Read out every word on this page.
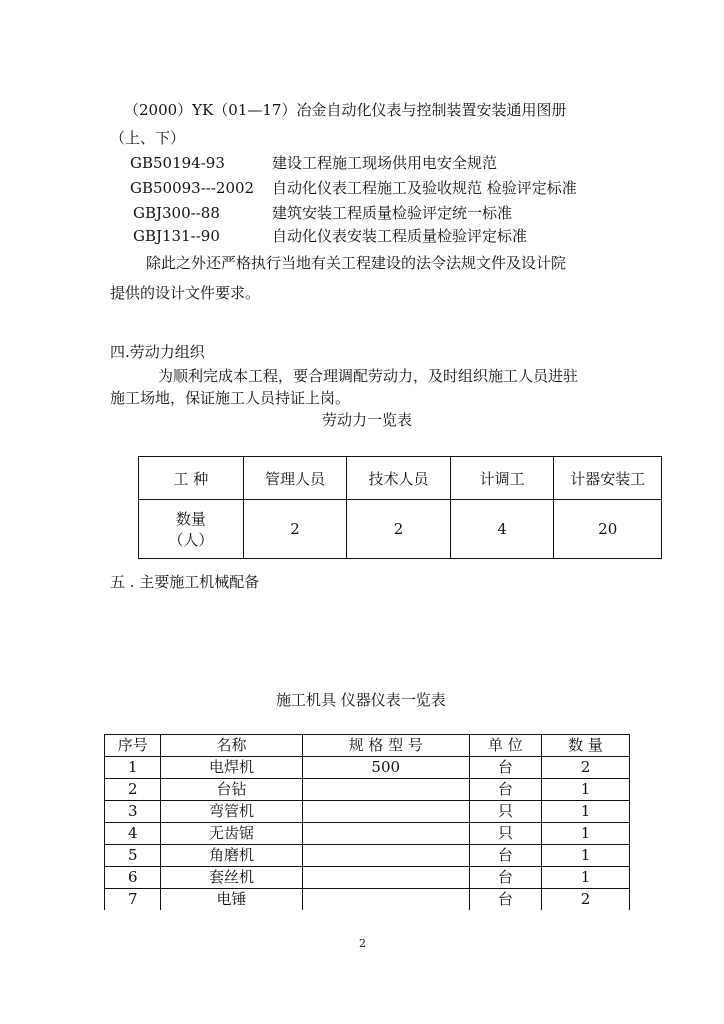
（2000）YK（01—17）冶金自动化仪表与控制装置安装通用图册
（上、下）
GB50194-93	建设工程施工现场供用电安全规范
GB50093---2002 自动化仪表工程施工及验收规范 检验评定标准
GBJ300--88	建筑安装工程质量检验评定统一标准
GBJ131--90	自动化仪表安装工程质量检验评定标准
除此之外还严格执行当地有关工程建设的法令法规文件及设计院
提供的设计文件要求。
四.劳动力组织
为顺利完成本工程，要合理调配劳动力，及时组织施工人员进驻
施工场地，保证施工人员持证上岗。
劳动力一览表
工 种	管理人员	技术人员	计调工	计器安装工
数量
（人）	2	2	4	20
五 . 主要施工机械配备
施工机具 仪器仪表一览表
序号	名称	规 格 型 号	单 位	数 量
1	电焊机	500	台	2
2	台钻		台	1
3	弯管机		只	1
4	无齿锯		只	1
5	角磨机		台	1
6	套丝机		台	1
7	电锤		台	2
2
